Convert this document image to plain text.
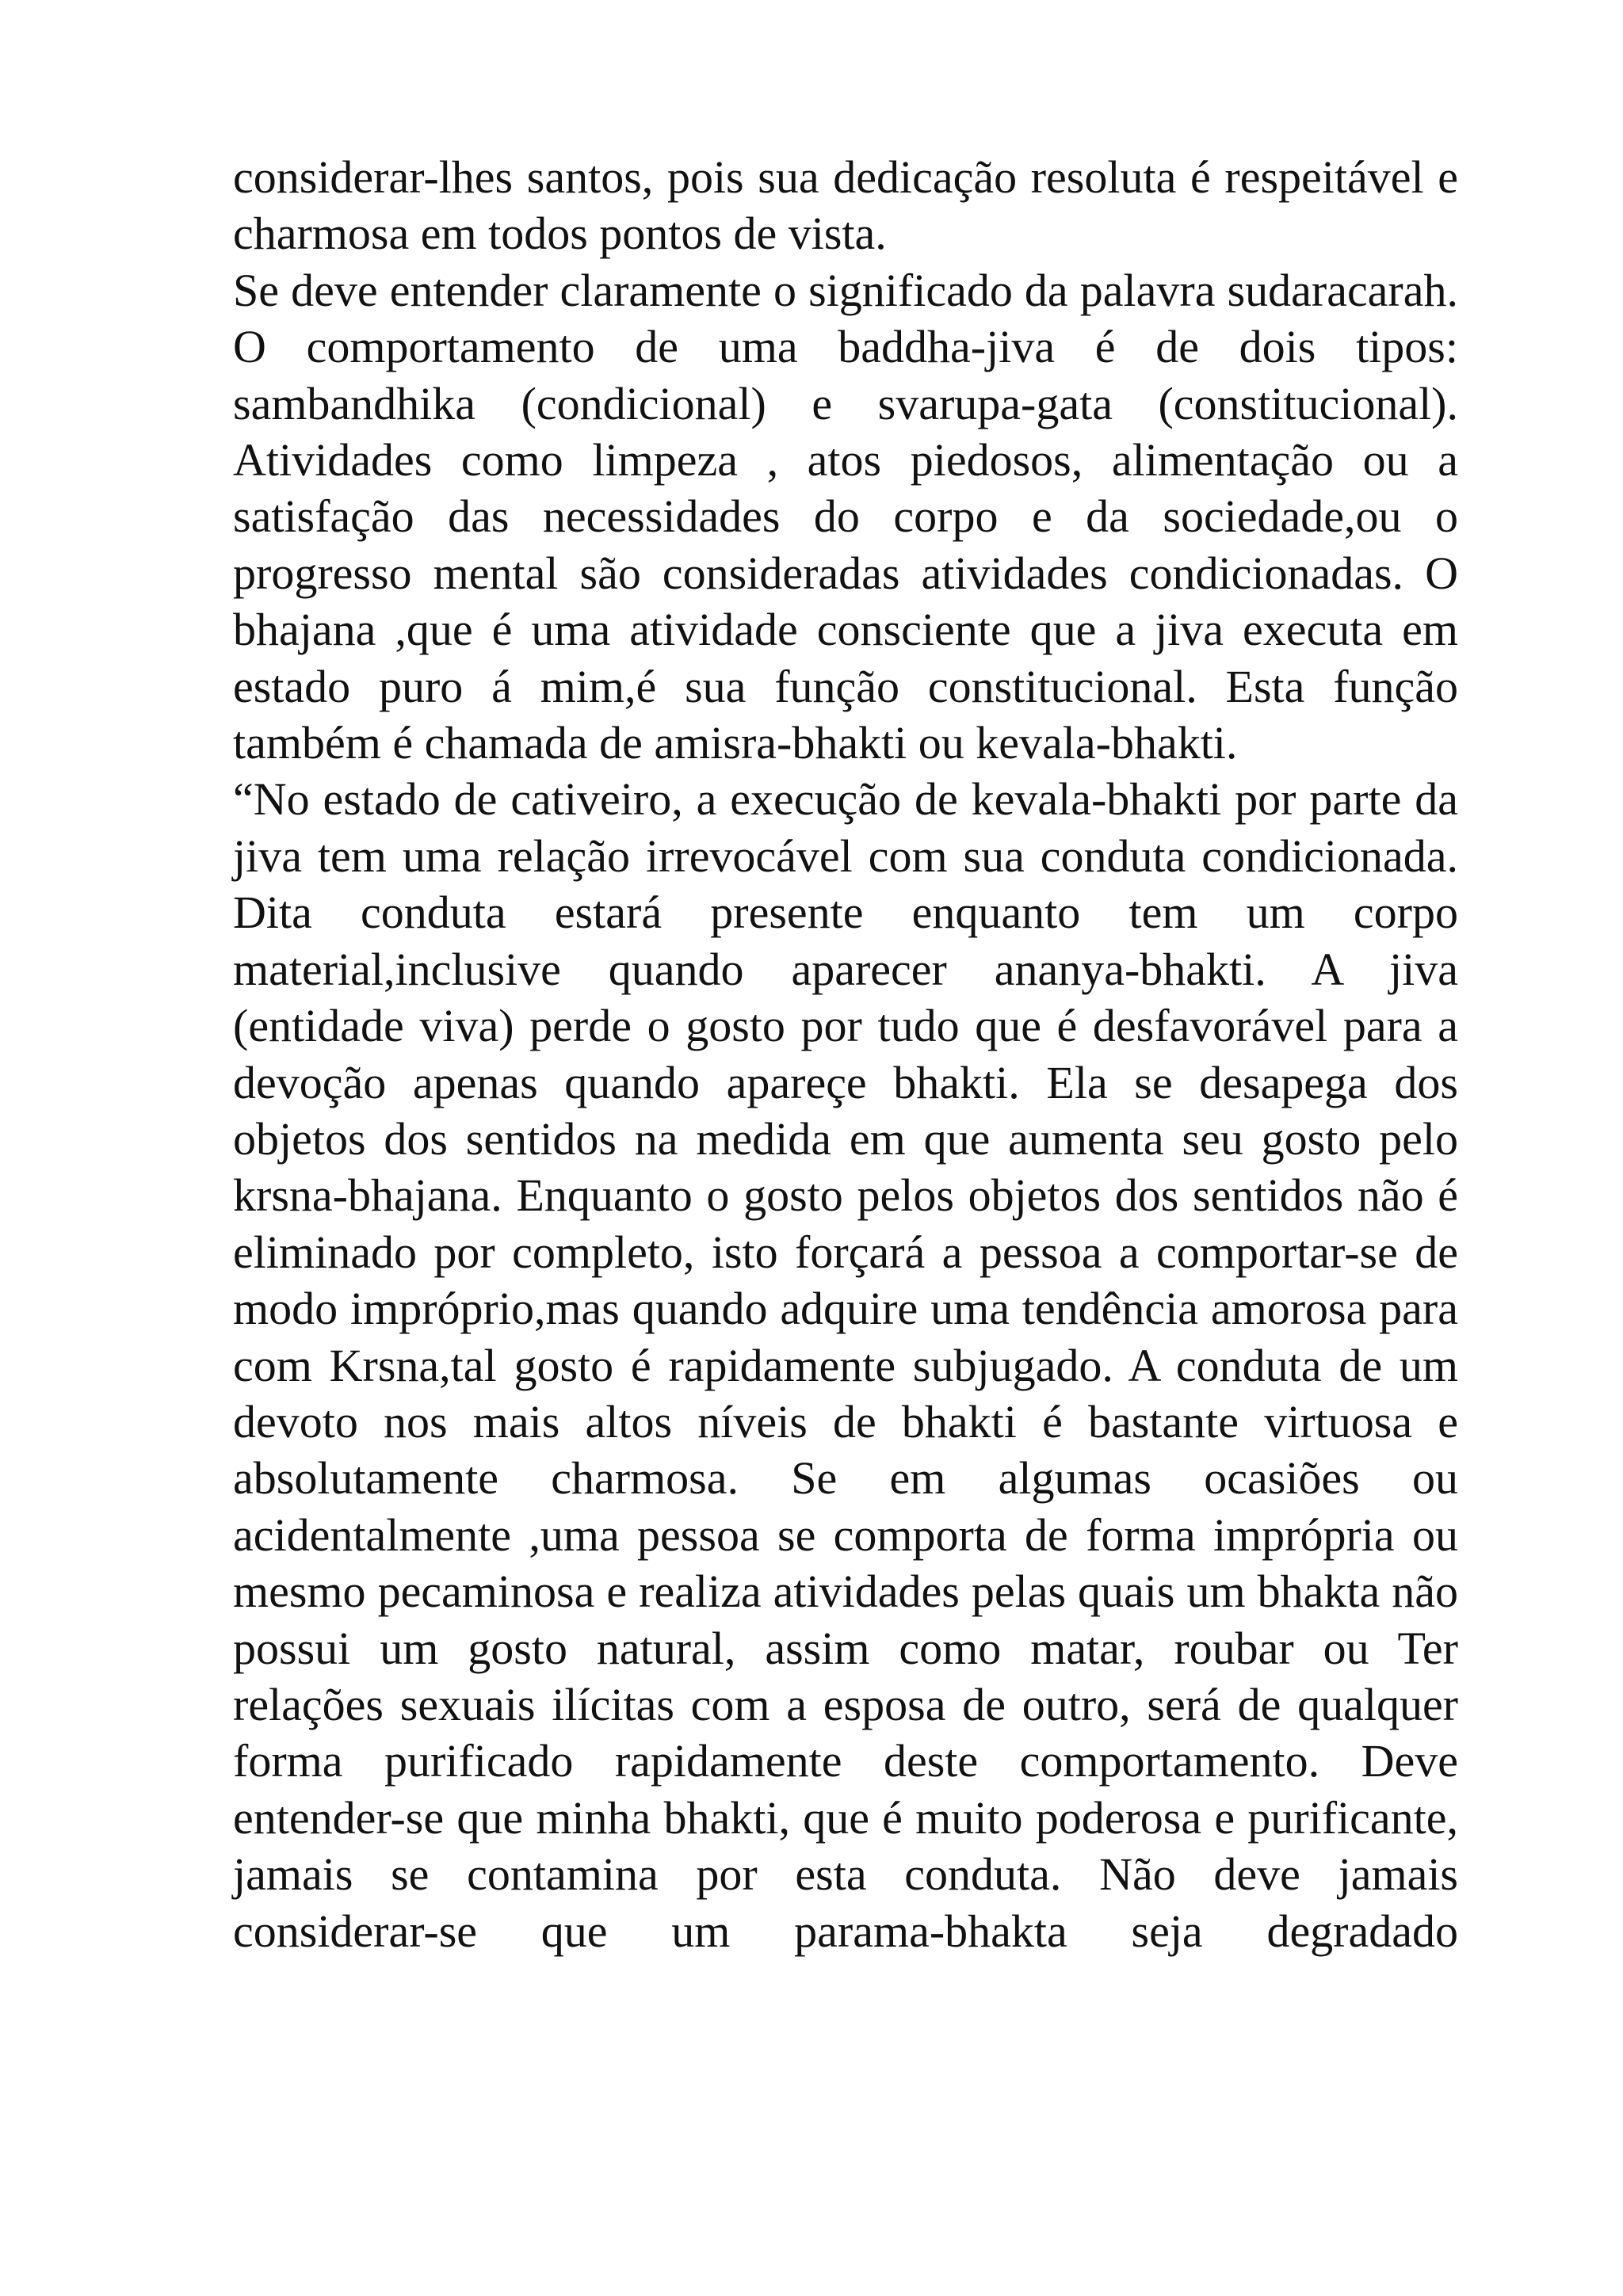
considerar-lhes santos, pois sua dedicação resoluta é respeitável e charmosa em todos pontos de vista.

Se deve entender claramente o significado da palavra sudaracarah. O comportamento de uma baddha-jiva é de dois tipos: sambandhika (condicional) e svarupa-gata (constitucional). Atividades como limpeza , atos piedosos, alimentação ou a satisfação das necessidades do corpo e da sociedade,ou o progresso mental são consideradas atividades condicionadas. O bhajana ,que é uma atividade consciente que a jiva executa em estado puro á mim,é sua função constitucional. Esta função também é chamada de amisra-bhakti ou kevala-bhakti.

“No estado de cativeiro, a execução de kevala-bhakti por parte da jiva tem uma relação irrevocável com sua conduta condicionada. Dita conduta estará presente enquanto tem um corpo material,inclusive quando aparecer ananya-bhakti. A jiva (entidade viva) perde o gosto por tudo que é desfavorável para a devoção apenas quando apareçe bhakti. Ela se desapega dos objetos dos sentidos na medida em que aumenta seu gosto pelo krsna-bhajana. Enquanto o gosto pelos objetos dos sentidos não é eliminado por completo, isto forçará a pessoa a comportar-se de modo impróprio,mas quando adquire uma tendência amorosa para com Krsna,tal gosto é rapidamente subjugado. A conduta de um devoto nos mais altos níveis de bhakti é bastante virtuosa e absolutamente charmosa. Se em algumas ocasiões ou acidentalmente ,uma pessoa se comporta de forma imprópria ou mesmo pecaminosa e realiza atividades pelas quais um bhakta não possui um gosto natural, assim como matar, roubar ou Ter relações sexuais ilícitas com a esposa de outro, será de qualquer forma purificado rapidamente deste comportamento. Deve entender-se que minha bhakti, que é muito poderosa e purificante, jamais se contamina por esta conduta. Não deve jamais considerar-se que um parama-bhakta seja degradado
